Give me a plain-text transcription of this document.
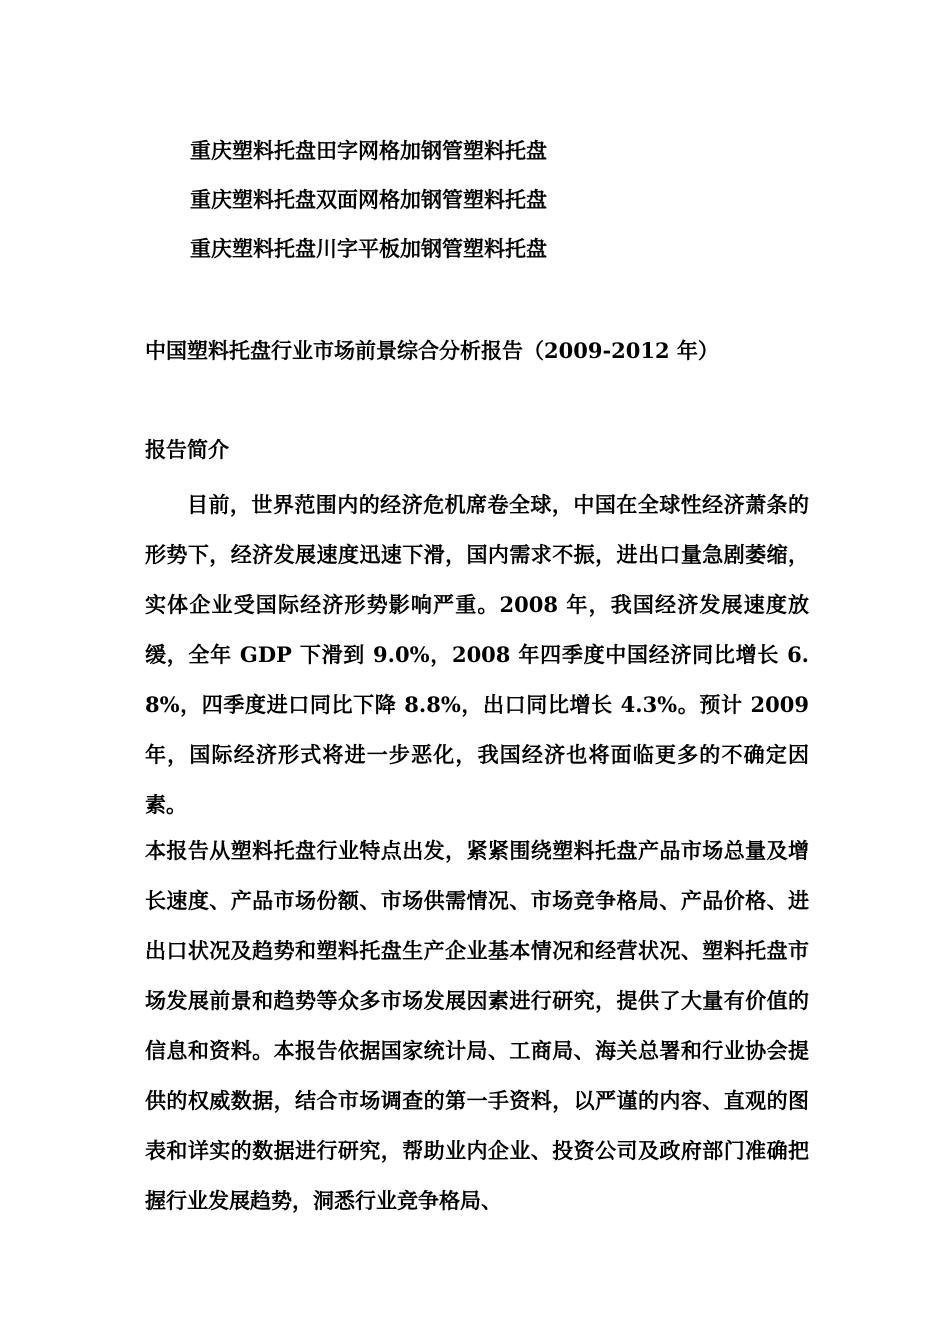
重庆塑料托盘田字网格加钢管塑料托盘
重庆塑料托盘双面网格加钢管塑料托盘
重庆塑料托盘川字平板加钢管塑料托盘
中国塑料托盘行业市场前景综合分析报告（2009-2012 年）
报告简介

目前，世界范围内的经济危机席卷全球，中国在全球性经济萧条的形势下，经济发展速度迅速下滑，国内需求不振，进出口量急剧萎缩，实体企业受国际经济形势影响严重。2008 年，我国经济发展速度放缓，全年 GDP 下滑到 9.0%，2008 年四季度中国经济同比增长 6.8%，四季度进口同比下降 8.8%，出口同比增长 4.3%。预计 2009 年，国际经济形式将进一步恶化，我国经济也将面临更多的不确定因素。

本报告从塑料托盘行业特点出发，紧紧围绕塑料托盘产品市场总量及增长速度、产品市场份额、市场供需情况、市场竞争格局、产品价格、进出口状况及趋势和塑料托盘生产企业基本情况和经营状况、塑料托盘市场发展前景和趋势等众多市场发展因素进行研究，提供了大量有价值的信息和资料。本报告依据国家统计局、工商局、海关总署和行业协会提供的权威数据，结合市场调查的第一手资料，以严谨的内容、直观的图表和详实的数据进行研究，帮助业内企业、投资公司及政府部门准确把握行业发展趋势，洞悉行业竞争格局、
